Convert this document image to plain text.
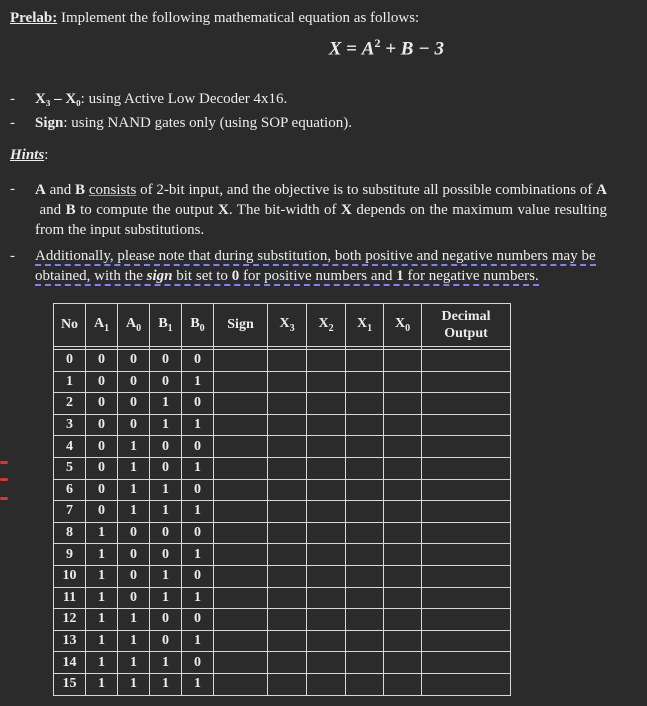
Prelab: Implement the following mathematical equation as follows:
$X = A^2 + B - 3$
- X₃ – X₀: using Active Low Decoder 4x16.
- Sign: using NAND gates only (using SOP equation).
Hints:
- A and B consists of 2-bit input, and the objective is to substitute all possible combinations of A and B to compute the output X. The bit-width of X depends on the maximum value resulting from the input substitutions.
- Additionally, please note that during substitution, both positive and negative numbers may be obtained, with the sign bit set to 0 for positive numbers and 1 for negative numbers.
No	$A_1$	$A_0$	$B_1$	$B_0$	Sign	$X_3$	$X_2$	$X_1$	$X_0$	Decimal Output

0	0	0	0	0						
1	0	0	0	1						
2	0	0	1	0						
3	0	0	1	1						
4	0	1	0	0						
5	0	1	0	1						
6	0	1	1	0						
7	0	1	1	1						
8	1	0	0	0						
9	1	0	0	1						
10	1	0	1	0						
11	1	0	1	1						
12	1	1	0	0						
13	1	1	0	1						
14	1	1	1	0						
15	1	1	1	1						
